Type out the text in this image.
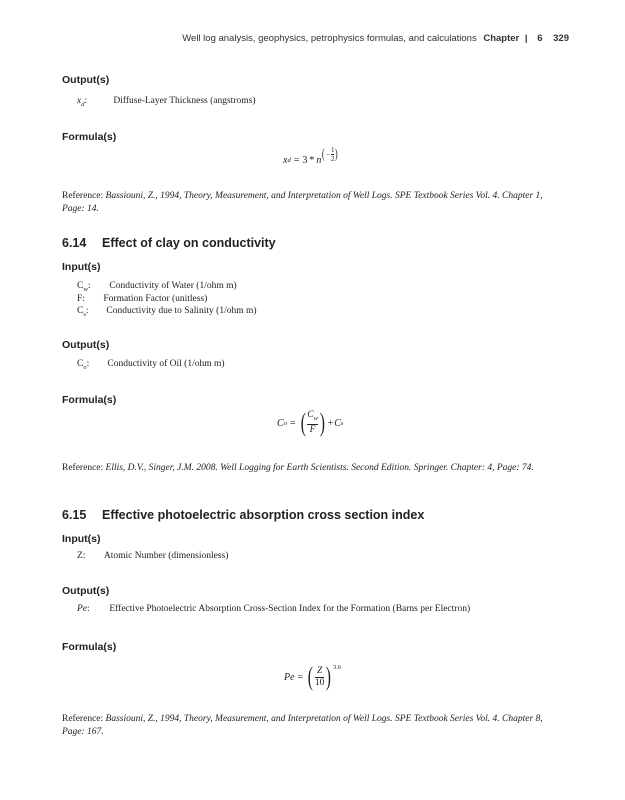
Well log analysis, geophysics, petrophysics formulas, and calculations Chapter | 6 329
Output(s)
$x_d$:	Diffuse-Layer Thickness (angstroms)
Formula(s)
x d = 3 * n ( − $\frac{1}{2}$ )
Reference: Bassiouni, Z., 1994, Theory, Measurement, and Interpretation of Well Logs. SPE Textbook Series Vol. 4. Chapter 1, Page: 14.
6.14 Effect of clay on conductivity
Input(s)
$C_w$: Conductivity of Water (1/ohm m)
F: Formation Factor (unitless)
$C_s$: Conductivity due to Salinity (1/ohm m)
Output(s)
$C_o$: Conductivity of Oil (1/ohm m)
Formula(s)
C o = ( $\frac{C_w}{F}$ ) + C s
Reference: Ellis, D.V., Singer, J.M. 2008. Well Logging for Earth Scientists. Second Edition. Springer. Chapter: 4, Page: 74.
6.15 Effective photoelectric absorption cross section index
Input(s)
Z: Atomic Number (dimensionless)
Output(s)
Pe: Effective Photoelectric Absorption Cross-Section Index for the Formation (Barns per Electron)
Formula(s)
Pe = ( $\frac{Z}{10}$ ) $^{3.6}$
Reference: Bassiouni, Z., 1994, Theory, Measurement, and Interpretation of Well Logs. SPE Textbook Series Vol. 4. Chapter 8, Page: 167.
